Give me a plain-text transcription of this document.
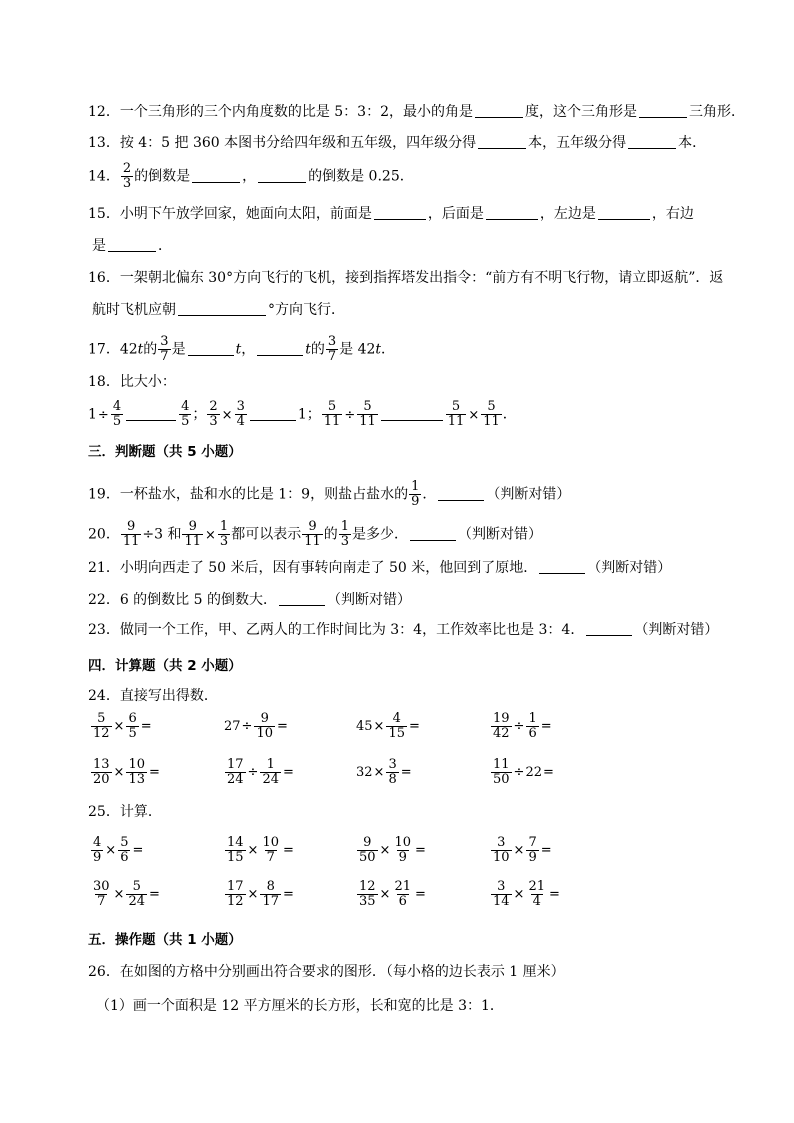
12．一个三角形的三个内角度数的比是 5：3：2，最小的角是	度，这个三角形是	三角形．
13．按 4：5 把 360 本图书分给四年级和五年级，四年级分得	本，五年级分得	本．
14． $\frac{2}{3}$ 的倒数是	，	的倒数是 0.25．
15．小明下午放学回家，她面向太阳，前面是	，后面是	，左边是	，右边
是	．
16．一架朝北偏东 30°方向飞行的飞机，接到指挥塔发出指令：“前方有不明飞行物，请立即返航”．返
航时飞机应朝	°方向飞行．
17．42t的 $\frac{3}{7}$ 是	t，	t的 $\frac{3}{7}$ 是 42t．
18．比大小：
$1\div \frac{4}{5}$	$\frac{4}{5}$ ； $\frac{2}{3} \times \frac{3}{4}$	1； $\frac{5}{11} \div \frac{5}{11}$	$\frac{5}{11} \times \frac{5}{11}$ ．
三．判断题（共 5 小题）
19．一杯盐水，盐和水的比是 1：9，则盐占盐水的 $\frac{1}{9}$ ．	（判断对错）
20． $\frac{9}{11} \div 3$ 和 $\frac{9}{11} \times \frac{1}{3}$ 都可以表示 $\frac{9}{11}$ 的 $\frac{1}{3}$ 是多少．	（判断对错）
21．小明向西走了 50 米后，因有事转向南走了 50 米，他回到了原地．	（判断对错）
22．6 的倒数比 5 的倒数大．	（判断对错）
23．做同一个工作，甲、乙两人的工作时间比为 3：4，工作效率比也是 3：4．	（判断对错）
四．计算题（共 2 小题）
24．直接写出得数．
$\frac{5}{12} \times \frac{6}{5}$ =	$27\div \frac{9}{10}$ =	$45\times \frac{4}{15}$ =	$\frac{19}{42} \div \frac{1}{6}$ =
$\frac{13}{20} \times \frac{10}{13}$ =	$\frac{17}{24} \div \frac{1}{24}$ =	$32\times \frac{3}{8}$ =	$\frac{11}{50} \div 22=$
25．计算．
$\frac{4}{9} \times \frac{5}{6}$ =	$\frac{14}{15} \times \frac{10}{7}$ =	$\frac{9}{50} \times \frac{10}{9}$ =	$\frac{3}{10} \times \frac{7}{9}$ =
$\frac{30}{7} \times \frac{5}{24}$ =	$\frac{17}{12} \times \frac{8}{17}$ =	$\frac{12}{35} \times \frac{21}{6}$ =	$\frac{3}{14} \times \frac{21}{4}$ =
五．操作题（共 1 小题）
26．在如图的方格中分别画出符合要求的图形．（每小格的边长表示 1 厘米）
（1）画一个面积是 12 平方厘米的长方形，长和宽的比是 3：1．
